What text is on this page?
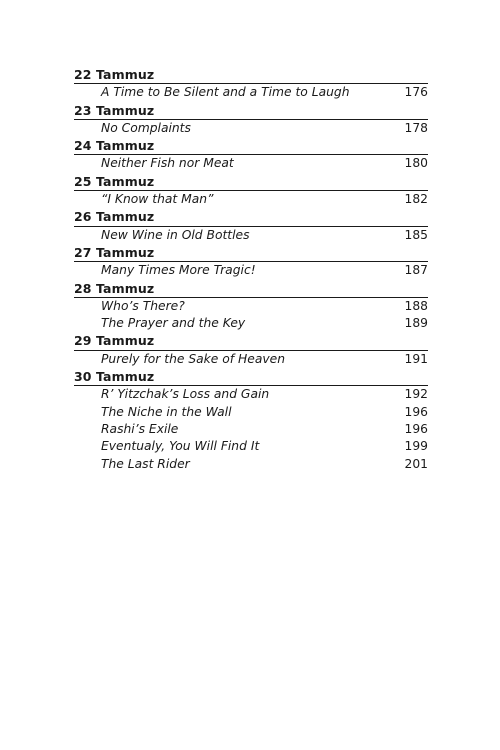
22 Tammuz
A Time to Be Silent and a Time to Laugh	176
23 Tammuz
No Complaints	178
24 Tammuz
Neither Fish nor Meat	180
25 Tammuz
“I Know that Man”	182
26 Tammuz
New Wine in Old Bottles	185
27 Tammuz
Many Times More Tragic!	187
28 Tammuz
Who’s There?	188
The Prayer and the Key	189
29 Tammuz
Purely for the Sake of Heaven	191
30 Tammuz
R’ Yitzchak’s Loss and Gain	192
The Niche in the Wall	196
Rashi’s Exile	196
Eventualy, You Will Find It	199
The Last Rider	201
